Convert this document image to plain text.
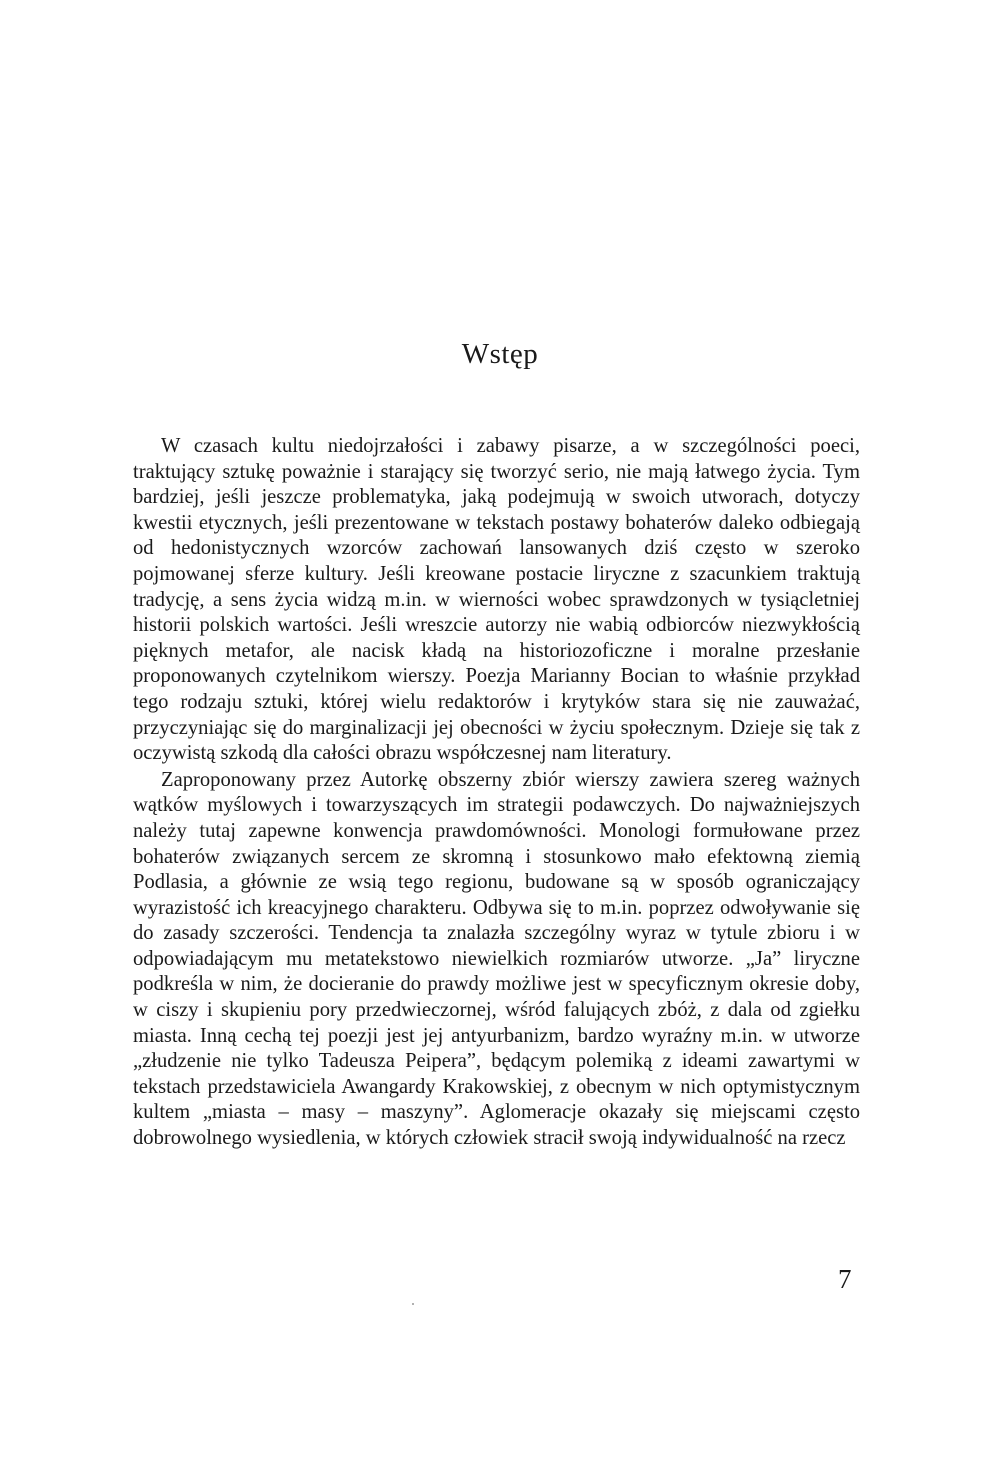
Wstęp

W czasach kultu niedojrzałości i zabawy pisarze, a w szczególności poeci, traktujący sztukę poważnie i starający się tworzyć serio, nie mają łatwego życia. Tym bardziej, jeśli jeszcze problematyka, jaką podejmują w swoich utworach, dotyczy kwestii etycznych, jeśli prezentowane w tekstach postawy bohaterów daleko odbiegają od hedonistycznych wzorców zachowań lansowanych dziś często w szeroko pojmowanej sferze kultury. Jeśli kreowane postacie liryczne z szacunkiem traktują tradycję, a sens życia widzą m.in. w wierności wobec sprawdzonych w tysiącletniej historii polskich wartości. Jeśli wreszcie autorzy nie wabią odbiorców niezwykłością pięknych metafor, ale nacisk kładą na historiozoficzne i moralne przesłanie proponowanych czytelnikom wierszy. Poezja Marianny Bocian to właśnie przykład tego rodzaju sztuki, której wielu redaktorów i krytyków stara się nie zauważać, przyczyniając się do marginalizacji jej obecności w życiu społecznym. Dzieje się tak z oczywistą szkodą dla całości obrazu współczesnej nam literatury.

Zaproponowany przez Autorkę obszerny zbiór wierszy zawiera szereg ważnych wątków myślowych i towarzyszących im strategii podawczych. Do najważniejszych należy tutaj zapewne konwencja prawdomówności. Monologi formułowane przez bohaterów związanych sercem ze skromną i stosunkowo mało efektowną ziemią Podlasia, a głównie ze wsią tego regionu, budowane są w sposób ograniczający wyrazistość ich kreacyjnego charakteru. Odbywa się to m.in. poprzez odwoływanie się do zasady szczerości. Tendencja ta znalazła szczególny wyraz w tytule zbioru i w odpowiadającym mu metatekstowo niewielkich rozmiarów utworze. „Ja” liryczne podkreśla w nim, że docieranie do prawdy możliwe jest w specyficznym okresie doby, w ciszy i skupieniu pory przedwieczornej, wśród falujących zbóż, z dala od zgiełku miasta. Inną cechą tej poezji jest jej antyurbanizm, bardzo wyraźny m.in. w utworze „złudzenie nie tylko Tadeusza Peipera”, będącym polemiką z ideami zawartymi w tekstach przedstawiciela Awangardy Krakowskiej, z obecnym w nich optymistycznym kultem „miasta – masy – maszyny”. Aglomeracje okazały się miejscami często dobrowolnego wysiedlenia, w których człowiek stracił swoją indywidualność na rzecz

7
